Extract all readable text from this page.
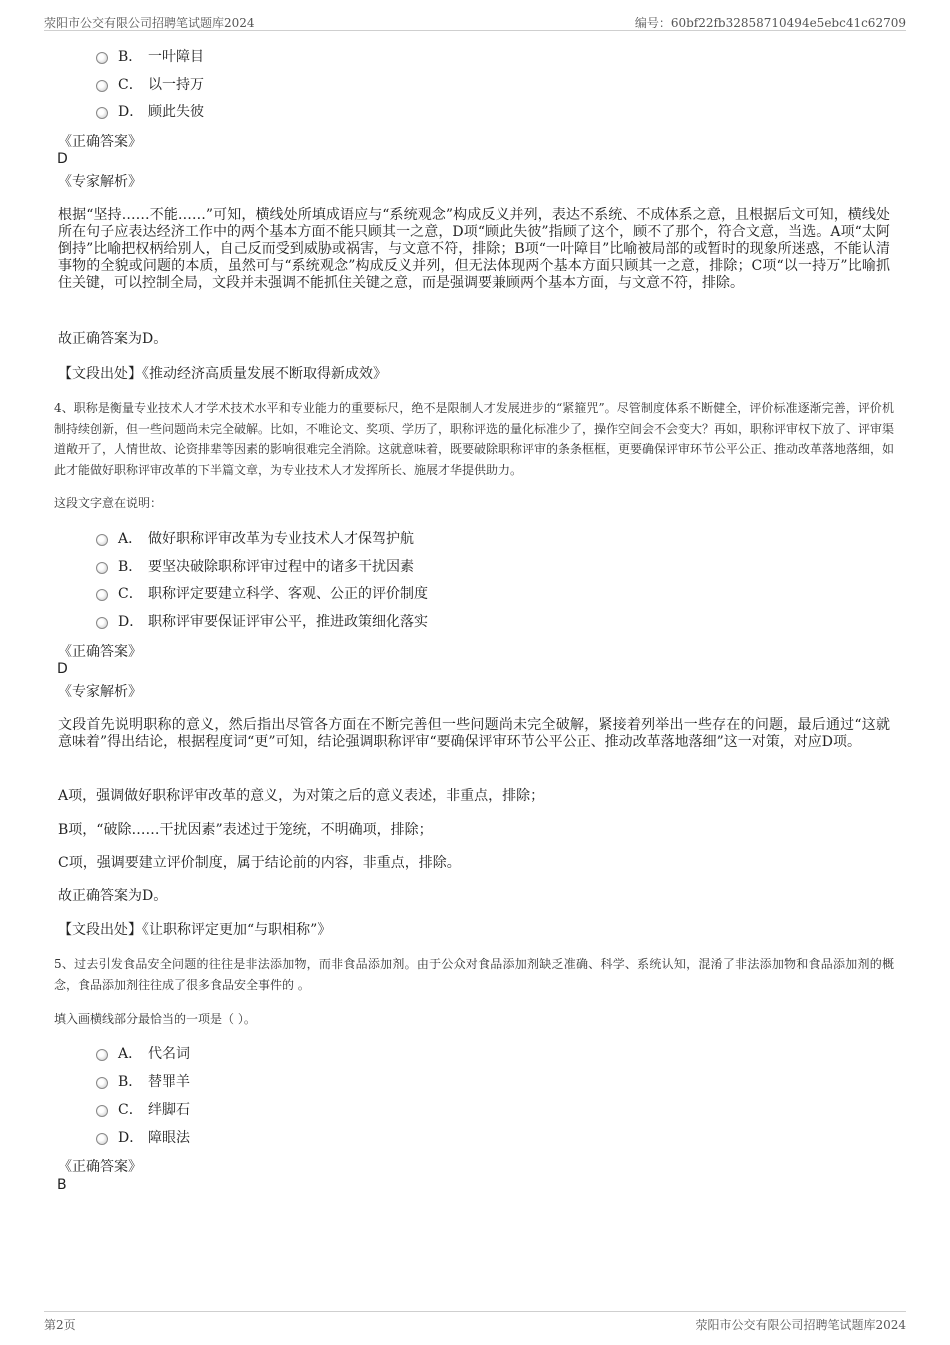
荥阳市公交有限公司招聘笔试题库2024	编号：60bf22fb32858710494e5ebc41c62709
B． 一叶障目
C． 以一持万
D． 顾此失彼
《正确答案》
D
《专家解析》
根据“坚持……不能……”可知，横线处所填成语应与“系统观念”构成反义并列，表达不系统、不成体系之意，且根据后文可知，横线处所在句子应表达经济工作中的两个基本方面不能只顾其一之意，D项“顾此失彼”指顾了这个，顾不了那个，符合文意，当选。A项“太阿倒持”比喻把权柄给别人，自己反而受到威胁或祸害，与文意不符，排除；B项“一叶障目”比喻被局部的或暂时的现象所迷惑，不能认清事物的全貌或问题的本质，虽然可与“系统观念”构成反义并列，但无法体现两个基本方面只顾其一之意，排除；C项“以一持万”比喻抓住关键，可以控制全局，文段并未强调不能抓住关键之意，而是强调要兼顾两个基本方面，与文意不符，排除。
故正确答案为D。
【文段出处】《推动经济高质量发展不断取得新成效》
4、职称是衡量专业技术人才学术技术水平和专业能力的重要标尺，绝不是限制人才发展进步的“紧箍咒”。尽管制度体系不断健全，评价标准逐渐完善，评价机制持续创新，但一些问题尚未完全破解。比如，不唯论文、奖项、学历了，职称评选的量化标准少了，操作空间会不会变大？再如，职称评审权下放了、评审渠道敞开了，人情世故、论资排辈等因素的影响很难完全消除。这就意味着，既要破除职称评审的条条框框，更要确保评审环节公平公正、推动改革落地落细，如此才能做好职称评审改革的下半篇文章，为专业技术人才发挥所长、施展才华提供助力。
这段文字意在说明：
A． 做好职称评审改革为专业技术人才保驾护航
B． 要坚决破除职称评审过程中的诸多干扰因素
C． 职称评定要建立科学、客观、公正的评价制度
D． 职称评审要保证评审公平，推进政策细化落实
《正确答案》
D
《专家解析》
文段首先说明职称的意义，然后指出尽管各方面在不断完善但一些问题尚未完全破解，紧接着列举出一些存在的问题，最后通过“这就意味着”得出结论，根据程度词“更”可知，结论强调职称评审“要确保评审环节公平公正、推动改革落地落细”这一对策，对应D项。
A项，强调做好职称评审改革的意义，为对策之后的意义表述，非重点，排除；
B项，“破除……干扰因素”表述过于笼统，不明确项，排除；
C项，强调要建立评价制度，属于结论前的内容，非重点，排除。
故正确答案为D。
【文段出处】《让职称评定更加“与职相称”》
5、过去引发食品安全问题的往往是非法添加物，而非食品添加剂。由于公众对食品添加剂缺乏准确、科学、系统认知，混淆了非法添加物和食品添加剂的概念，食品添加剂往往成了很多食品安全事件的 。
填入画横线部分最恰当的一项是（ ）。
A． 代名词
B． 替罪羊
C． 绊脚石
D． 障眼法
《正确答案》
B
第2页	荥阳市公交有限公司招聘笔试题库2024
